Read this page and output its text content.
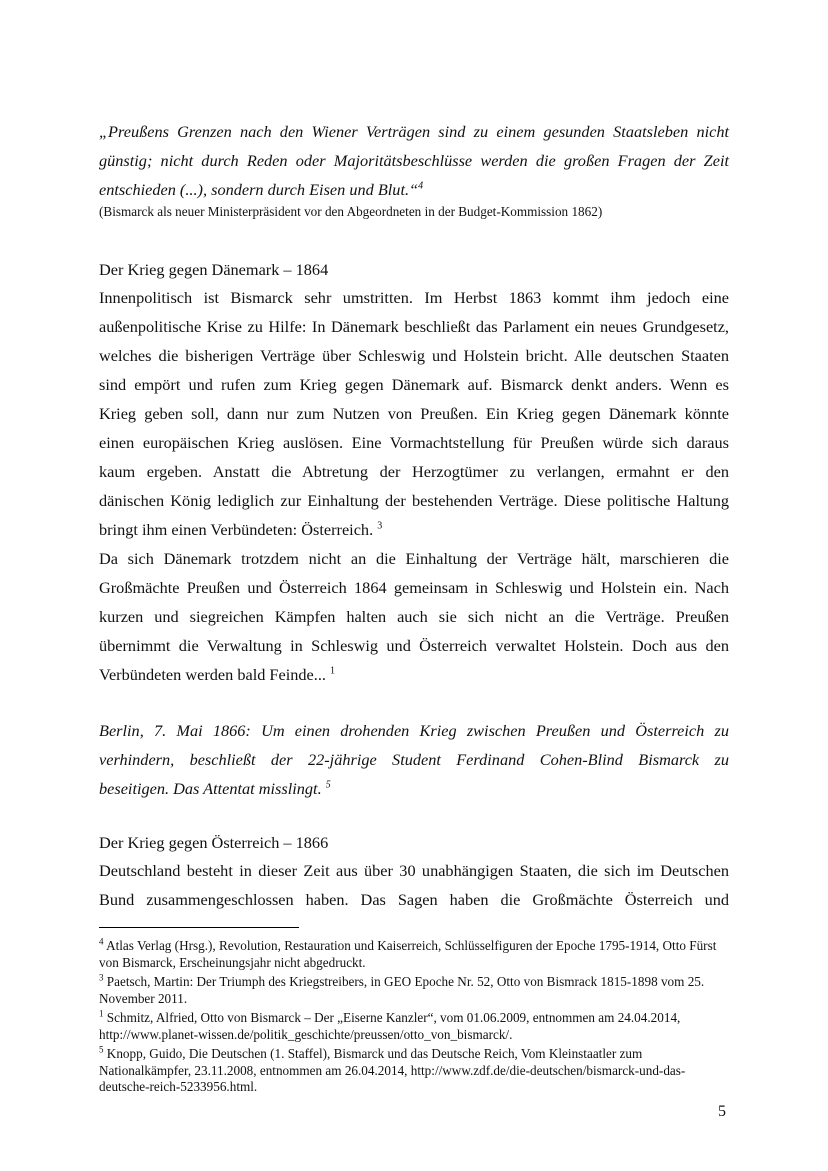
„Preußens Grenzen nach den Wiener Verträgen sind zu einem gesunden Staatsleben nicht

günstig; nicht durch Reden oder Majoritätsbeschlüsse werden die großen Fragen der Zeit

entschieden (...), sondern durch Eisen und Blut.“$^4$

(Bismarck als neuer Ministerpräsident vor den Abgeordneten in der Budget-Kommission 1862)

Der Krieg gegen Dänemark – 1864

Innenpolitisch ist Bismarck sehr umstritten. Im Herbst 1863 kommt ihm jedoch eine

außenpolitische Krise zu Hilfe: In Dänemark beschließt das Parlament ein neues Grundgesetz,

welches die bisherigen Verträge über Schleswig und Holstein bricht. Alle deutschen Staaten

sind empört und rufen zum Krieg gegen Dänemark auf. Bismarck denkt anders. Wenn es

Krieg geben soll, dann nur zum Nutzen von Preußen. Ein Krieg gegen Dänemark könnte

einen europäischen Krieg auslösen. Eine Vormachtstellung für Preußen würde sich daraus

kaum ergeben. Anstatt die Abtretung der Herzogtümer zu verlangen, ermahnt er den

dänischen König lediglich zur Einhaltung der bestehenden Verträge. Diese politische Haltung

bringt ihm einen Verbündeten: Österreich. $^3$

Da sich Dänemark trotzdem nicht an die Einhaltung der Verträge hält, marschieren die

Großmächte Preußen und Österreich 1864 gemeinsam in Schleswig und Holstein ein. Nach

kurzen und siegreichen Kämpfen halten auch sie sich nicht an die Verträge. Preußen

übernimmt die Verwaltung in Schleswig und Österreich verwaltet Holstein. Doch aus den

Verbündeten werden bald Feinde... $^1$

Berlin, 7. Mai 1866: Um einen drohenden Krieg zwischen Preußen und Österreich zu

verhindern, beschließt der 22-jährige Student Ferdinand Cohen-Blind Bismarck zu

beseitigen. Das Attentat misslingt. $^5$

Der Krieg gegen Österreich – 1866

Deutschland besteht in dieser Zeit aus über 30 unabhängigen Staaten, die sich im Deutschen

Bund zusammengeschlossen haben. Das Sagen haben die Großmächte Österreich und

$^4$ Atlas Verlag (Hrsg.), Revolution, Restauration und Kaiserreich, Schlüsselfiguren der Epoche 1795-1914, Otto Fürst von Bismarck, Erscheinungsjahr nicht abgedruckt.

$^3$ Paetsch, Martin: Der Triumph des Kriegstreibers, in GEO Epoche Nr. 52, Otto von Bismrack 1815-1898 vom 25. November 2011.

$^1$ Schmitz, Alfried, Otto von Bismarck – Der „Eiserne Kanzler“, vom 01.06.2009, entnommen am 24.04.2014, http://www.planet-wissen.de/politik_geschichte/preussen/otto_von_bismarck/.

$^5$ Knopp, Guido, Die Deutschen (1. Staffel), Bismarck und das Deutsche Reich, Vom Kleinstaatler zum Nationalkämpfer, 23.11.2008, entnommen am 26.04.2014, http://www.zdf.de/die-deutschen/bismarck-und-das-deutsche-reich-5233956.html.

5
